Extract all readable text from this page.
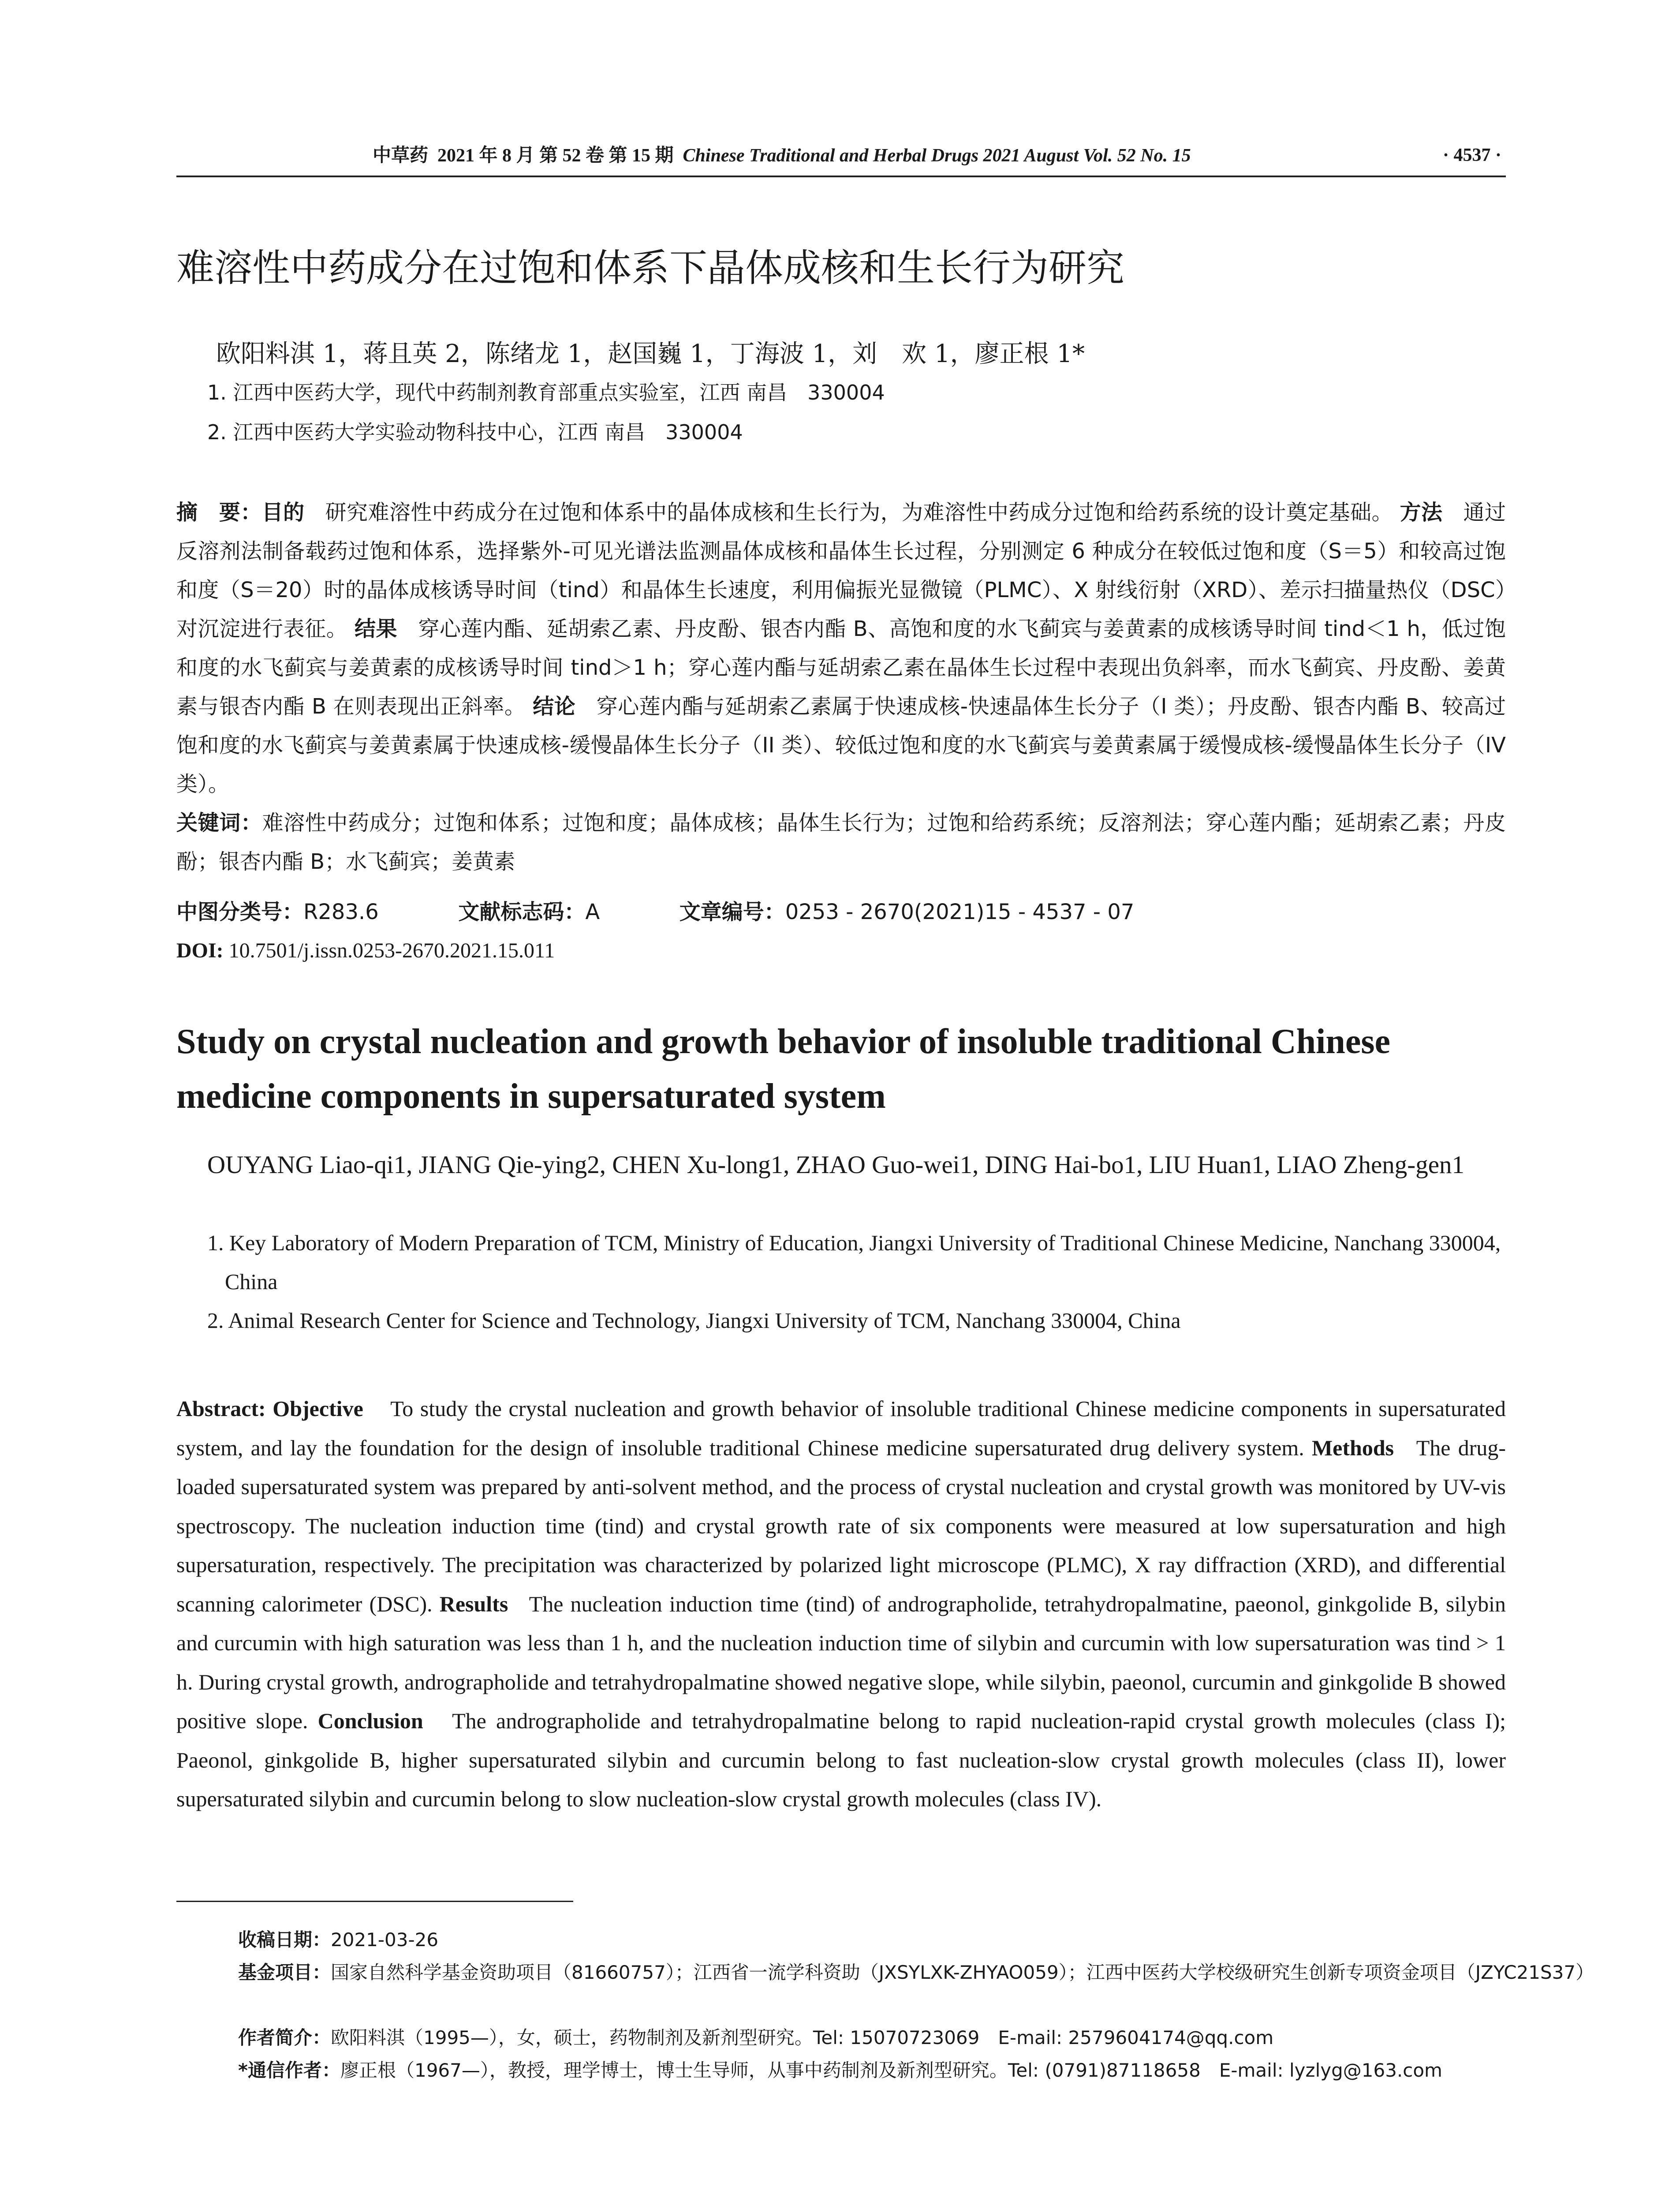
中草药 2021 年 8 月 第 52 卷 第 15 期 Chinese Traditional and Herbal Drugs 2021 August Vol. 52 No. 15	· 4537 ·
难溶性中药成分在过饱和体系下晶体成核和生长行为研究
欧阳料淇 1，蒋且英 2，陈绪龙 1，赵国巍 1，丁海波 1，刘　欢 1，廖正根 1*
1. 江西中医药大学，现代中药制剂教育部重点实验室，江西 南昌　330004
2. 江西中医药大学实验动物科技中心，江西 南昌　330004
摘　要：目的 研究难溶性中药成分在过饱和体系中的晶体成核和生长行为，为难溶性中药成分过饱和给药系统的设计奠定基础。 方法 通过反溶剂法制备载药过饱和体系，选择紫外-可见光谱法监测晶体成核和晶体生长过程，分别测定 6 种成分在较低过饱和度（S＝5）和较高过饱和度（S＝20）时的晶体成核诱导时间（tind）和晶体生长速度，利用偏振光显微镜（PLMC）、X 射线衍射（XRD）、差示扫描量热仪（DSC）对沉淀进行表征。 结果 穿心莲内酯、延胡索乙素、丹皮酚、银杏内酯 B、高饱和度的水飞蓟宾与姜黄素的成核诱导时间 tind＜1 h，低过饱和度的水飞蓟宾与姜黄素的成核诱导时间 tind＞1 h；穿心莲内酯与延胡索乙素在晶体生长过程中表现出负斜率，而水飞蓟宾、丹皮酚、姜黄素与银杏内酯 B 在则表现出正斜率。 结论 穿心莲内酯与延胡索乙素属于快速成核-快速晶体生长分子（I 类）；丹皮酚、银杏内酯 B、较高过饱和度的水飞蓟宾与姜黄素属于快速成核-缓慢晶体生长分子（II 类）、较低过饱和度的水飞蓟宾与姜黄素属于缓慢成核-缓慢晶体生长分子（IV 类）。
关键词：难溶性中药成分；过饱和体系；过饱和度；晶体成核；晶体生长行为；过饱和给药系统；反溶剂法；穿心莲内酯；延胡索乙素；丹皮酚；银杏内酯 B；水飞蓟宾；姜黄素
中图分类号：R283.6	文献标志码：A	文章编号：0253 - 2670(2021)15 - 4537 - 07
DOI: 10.7501/j.issn.0253-2670.2021.15.011
Study on crystal nucleation and growth behavior of insoluble traditional Chinese medicine components in supersaturated system
OUYANG Liao-qi1, JIANG Qie-ying2, CHEN Xu-long1, ZHAO Guo-wei1, DING Hai-bo1, LIU Huan1, LIAO Zheng-gen1
1. Key Laboratory of Modern Preparation of TCM, Ministry of Education, Jiangxi University of Traditional Chinese Medicine, Nanchang 330004, China
2. Animal Research Center for Science and Technology, Jiangxi University of TCM, Nanchang 330004, China
Abstract: Objective To study the crystal nucleation and growth behavior of insoluble traditional Chinese medicine components in supersaturated system, and lay the foundation for the design of insoluble traditional Chinese medicine supersaturated drug delivery system. Methods The drug-loaded supersaturated system was prepared by anti-solvent method, and the process of crystal nucleation and crystal growth was monitored by UV-vis spectroscopy. The nucleation induction time (tind) and crystal growth rate of six components were measured at low supersaturation and high supersaturation, respectively. The precipitation was characterized by polarized light microscope (PLMC), X ray diffraction (XRD), and differential scanning calorimeter (DSC). Results The nucleation induction time (tind) of andrographolide, tetrahydropalmatine, paeonol, ginkgolide B, silybin and curcumin with high saturation was less than 1 h, and the nucleation induction time of silybin and curcumin with low supersaturation was tind > 1 h. During crystal growth, andrographolide and tetrahydropalmatine showed negative slope, while silybin, paeonol, curcumin and ginkgolide B showed positive slope. Conclusion The andrographolide and tetrahydropalmatine belong to rapid nucleation-rapid crystal growth molecules (class I); Paeonol, ginkgolide B, higher supersaturated silybin and curcumin belong to fast nucleation-slow crystal growth molecules (class II), lower supersaturated silybin and curcumin belong to slow nucleation-slow crystal growth molecules (class IV).
收稿日期：2021-03-26
基金项目：国家自然科学基金资助项目（81660757）；江西省一流学科资助（JXSYLXK-ZHYAO059）；江西中医药大学校级研究生创新专项资金项目（JZYC21S37）
作者简介：欧阳料淇（1995—），女，硕士，药物制剂及新剂型研究。Tel: 15070723069　E-mail: 2579604174@qq.com
*通信作者：廖正根（1967—），教授，理学博士，博士生导师，从事中药制剂及新剂型研究。Tel: (0791)87118658　E-mail: lyzlyg@163.com
